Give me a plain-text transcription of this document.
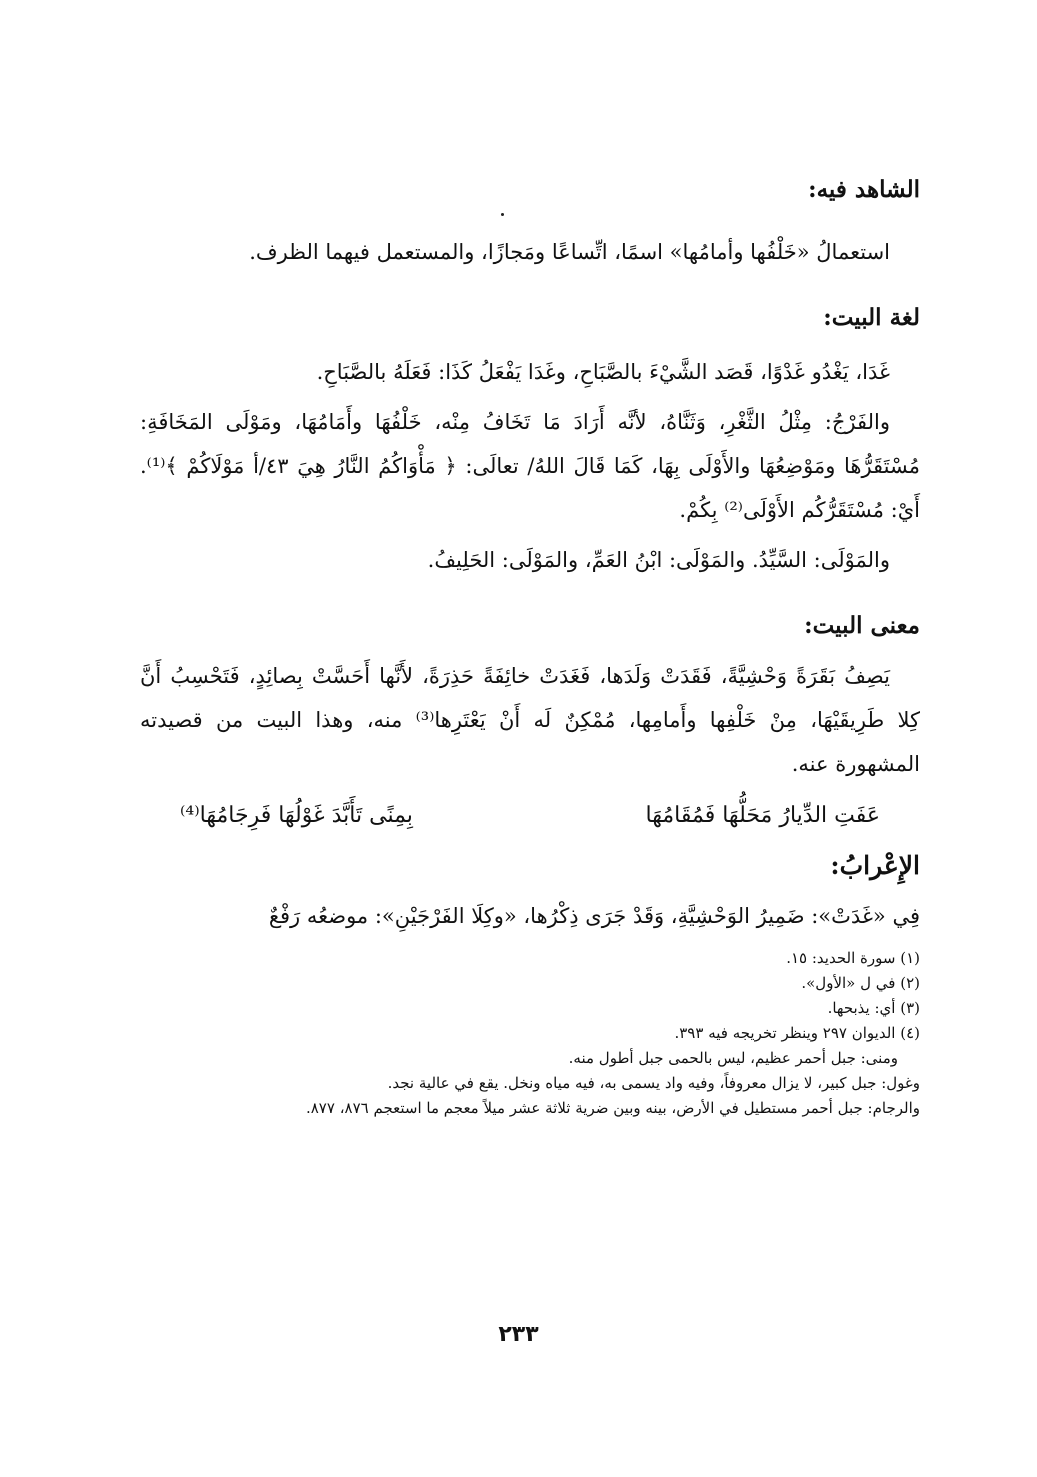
الشاهد فيه:

استعمالُ «خَلْفُها وأمامُها» اسمًا، اتِّساعًا ومَجازًا، والمستعمل فيهما الظرف.

لغة البيت:

غَدَا، يَغْدُو غَدْوًا، قَصَد الشَّيْءَ بالصَّبَاحِ، وغَدَا يَفْعَلُ كَذَا: فَعَلَهُ بالصَّبَاحِ.

والفَرْجُ: مِثْلُ الثَّغْرِ، وَثَنَّاهُ، لأنَّه أَرَادَ مَا تَخَافُ مِنْه، خَلْفُهَا وأَمَامُهَا، ومَوْلَى المَخَافَةِ: مُسْتَقَرُّهَا ومَوْضِعُهَا والأَوْلَى بِهَا، كَمَا قَالَ اللهُ/ تعالَى: ﴿ مَأْوَاكُمُ النَّارُ هِيَ ٤٣/أ مَوْلَاكُمْ ﴾⁽¹⁾. أَيْ: مُسْتَقَرُّكُم الأَوْلَى⁽²⁾ بِكُمْ.

والمَوْلَى: السَّيِّدُ. والمَوْلَى: ابْنُ العَمِّ، والمَوْلَى: الحَلِيفُ.

معنى البيت:

يَصِفُ بَقَرَةً وَحْشِيَّةً، فَقَدَتْ وَلَدَها، فَغَدَتْ خائِفَةً حَذِرَةً، لأَنَّها أَحَسَّتْ بِصائِدٍ، فَتَحْسِبُ أَنَّ كِلا طَرِيقَيْهَا، مِنْ خَلْفِها وأَمامِها، مُمْكِنٌ لَه أَنْ يَعْتَرِها⁽³⁾ منه، وهذا البيت من قصيدته المشهورة عنه.

عَفَتِ الدِّيارُ مَحَلُّهَا فَمُقَامُهَا
بِمِنًى تَأَبَّدَ غَوْلُهَا فَرِجَامُهَا⁽⁴⁾

الإِعْرابُ:

فِي «غَدَتْ»: ضَمِيرُ الوَحْشِيَّةِ، وَقَدْ جَرَى ذِكْرُها، «وكِلَا الفَرْجَيْنِ»: موضعُه رَفْعٌ

(١) سورة الحديد: ١٥.

(٢) في ل «الأول».

(٣) أي: يذبحها.

(٤) الديوان ٢٩٧ وينظر تخريجه فيه ٣٩٣.

ومنى: جبل أحمر عظيم، ليس بالحمى جبل أطول منه.

وغول: جبل كبير، لا يزال معروفاً، وفيه واد يسمى به، فيه مياه ونخل. يقع في عالية نجد.

والرجام: جبل أحمر مستطيل في الأرض، بينه وبين ضرية ثلاثة عشر ميلاً معجم ما استعجم ٨٧٦، ٨٧٧.

٢٣٣
